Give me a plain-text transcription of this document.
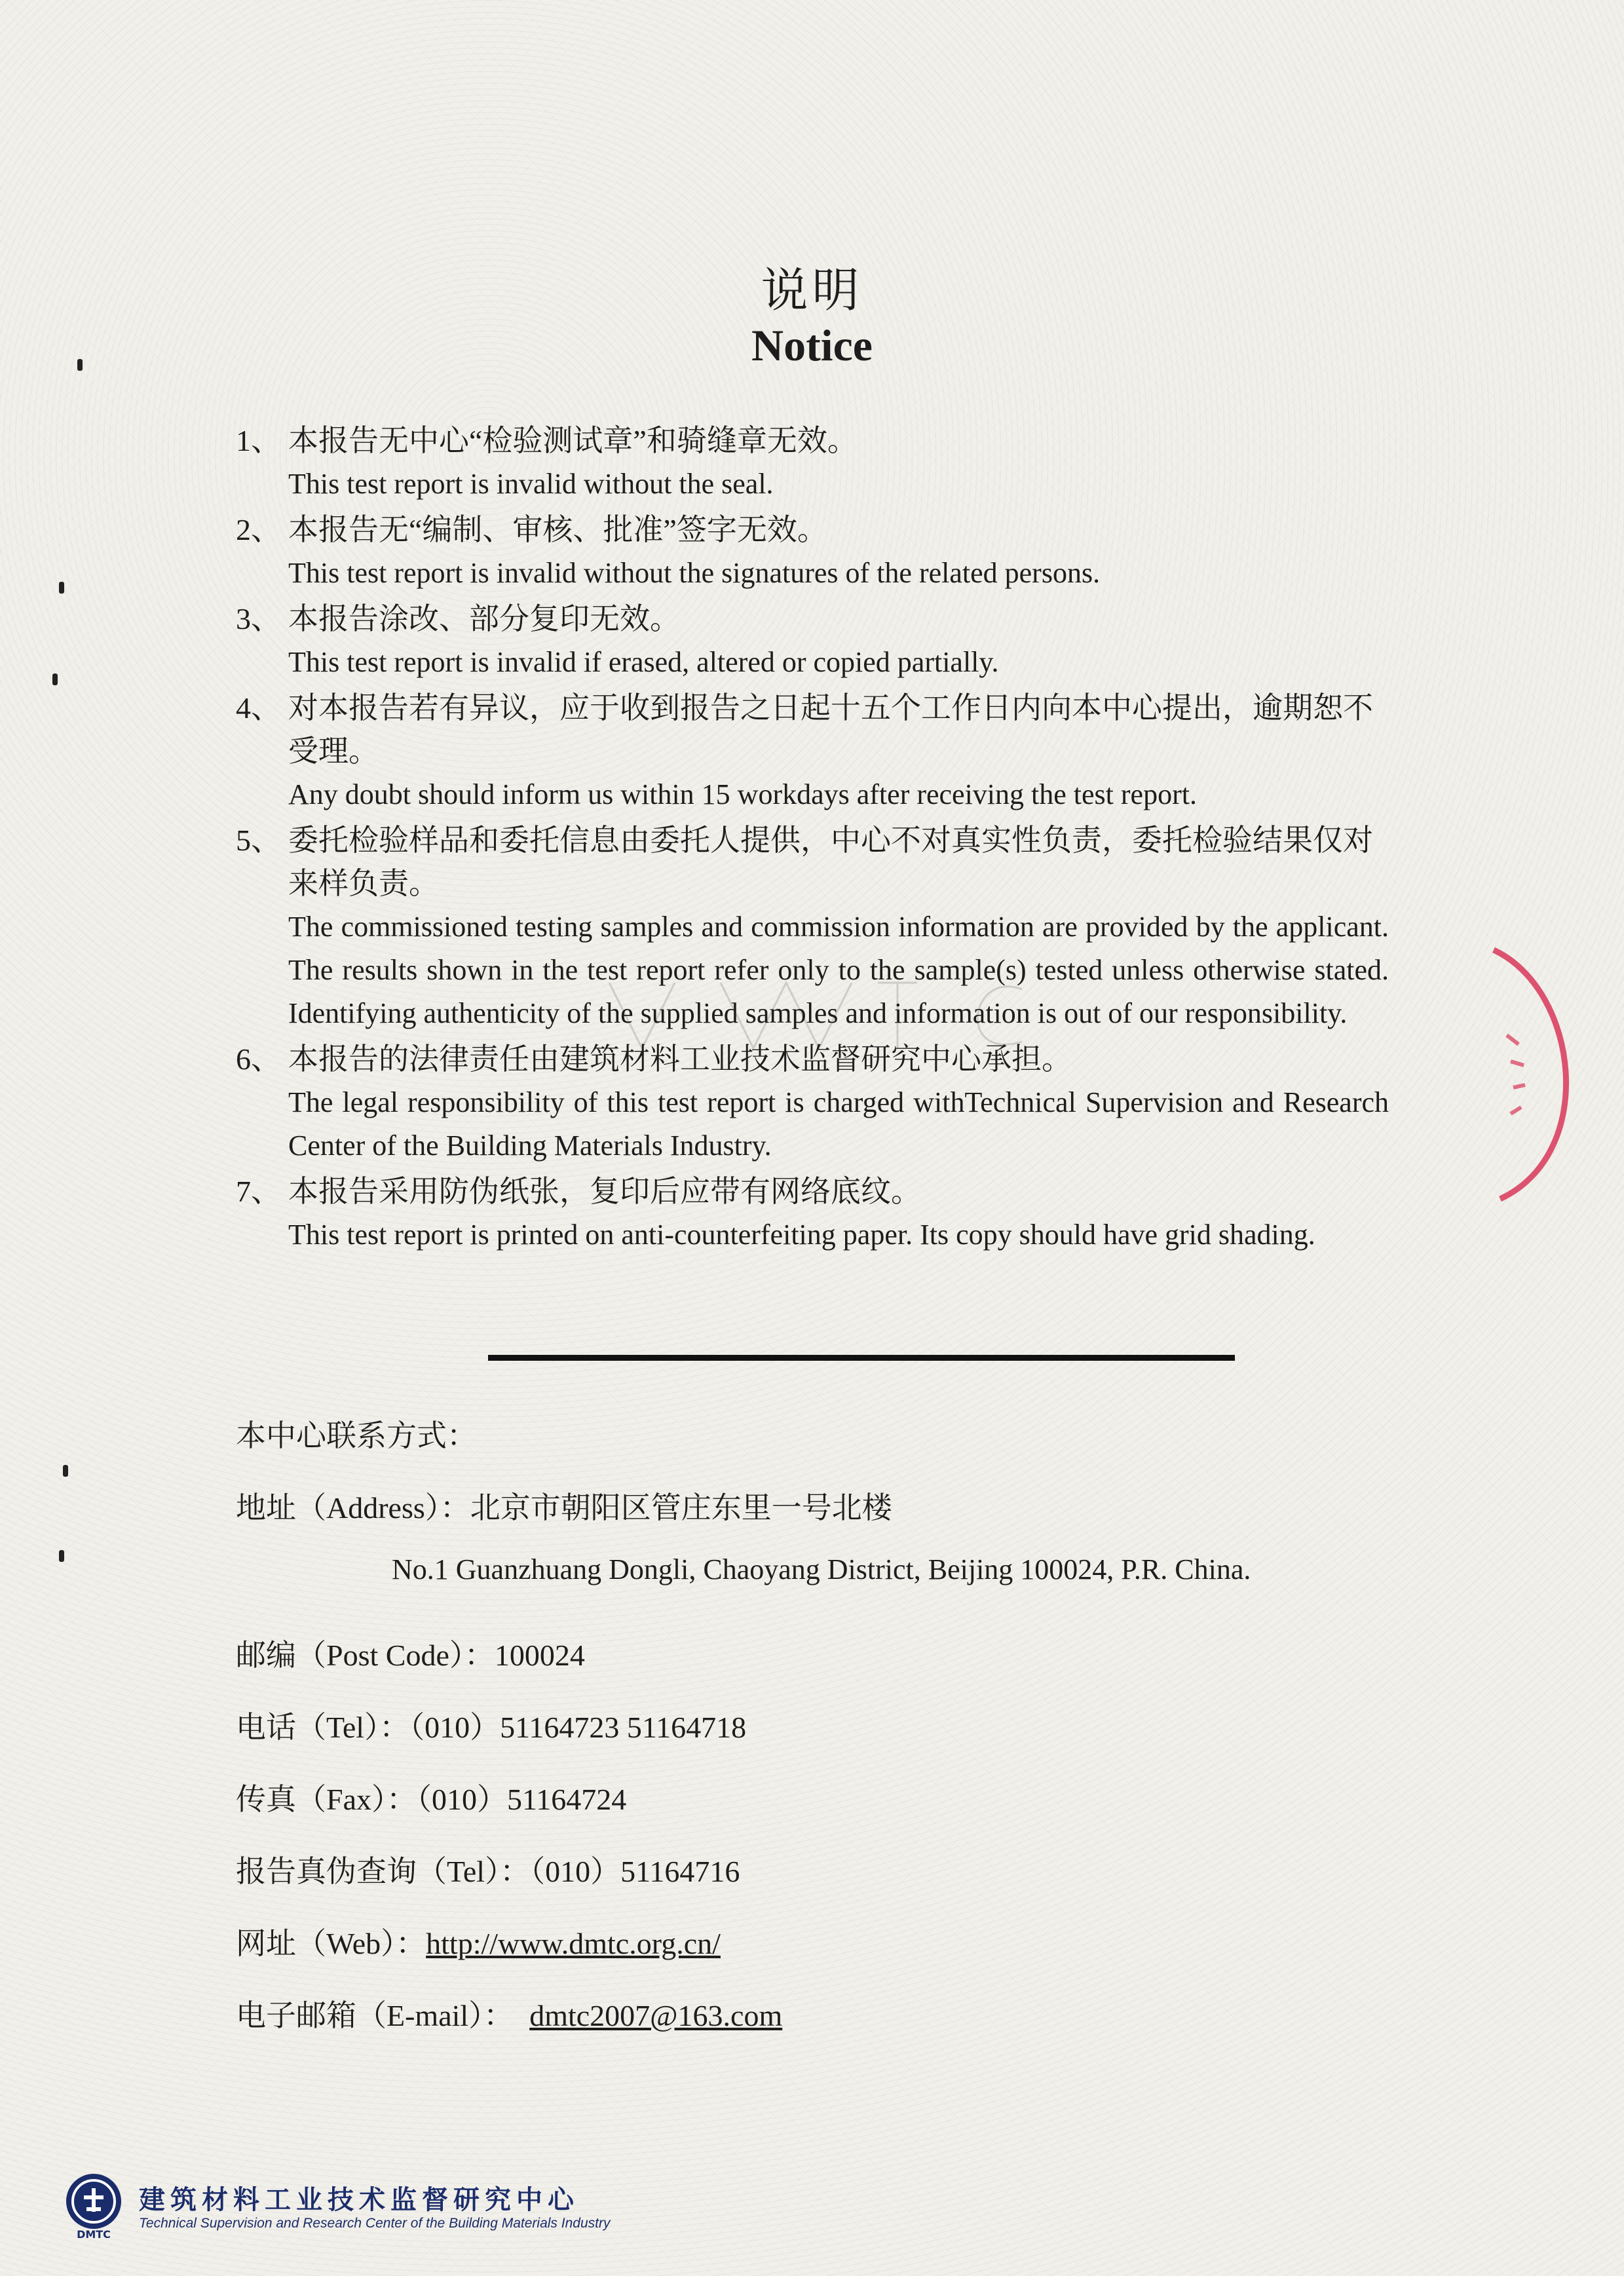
说明
Notice
1、 本报告无中心“检验测试章”和骑缝章无效。
This test report is invalid without the seal.
2、 本报告无“编制、审核、批准”签字无效。
This test report is invalid without the signatures of the related persons.
3、 本报告涂改、部分复印无效。
This test report is invalid if erased, altered or copied partially.
4、 对本报告若有异议，应于收到报告之日起十五个工作日内向本中心提出，逾期恕不受理。
Any doubt should inform us within 15 workdays after receiving the test report.
5、 委托检验样品和委托信息由委托人提供，中心不对真实性负责，委托检验结果仅对来样负责。
The commissioned testing samples and commission information are provided by the applicant. The results shown in the test report refer only to the sample(s) tested unless otherwise stated. Identifying authenticity of the supplied samples and information is out of our responsibility.
6、 本报告的法律责任由建筑材料工业技术监督研究中心承担。
The legal responsibility of this test report is charged withTechnical Supervision and Research Center of the Building Materials Industry.
7、 本报告采用防伪纸张，复印后应带有网络底纹。
This test report is printed on anti-counterfeiting paper. Its copy should have grid shading.
本中心联系方式：
地址（Address）：北京市朝阳区管庄东里一号北楼
No.1 Guanzhuang Dongli, Chaoyang District, Beijing 100024, P.R. China.
邮编（Post Code）：100024
电话（Tel）：（010）51164723 51164718
传真（Fax）：（010）51164724
报告真伪查询（Tel）：（010）51164716
网址（Web）：http://www.dmtc.org.cn/
电子邮箱（E-mail）： dmtc2007@163.com
DMTC
建筑材料工业技术监督研究中心
Technical Supervision and Research Center of the Building Materials Industry
